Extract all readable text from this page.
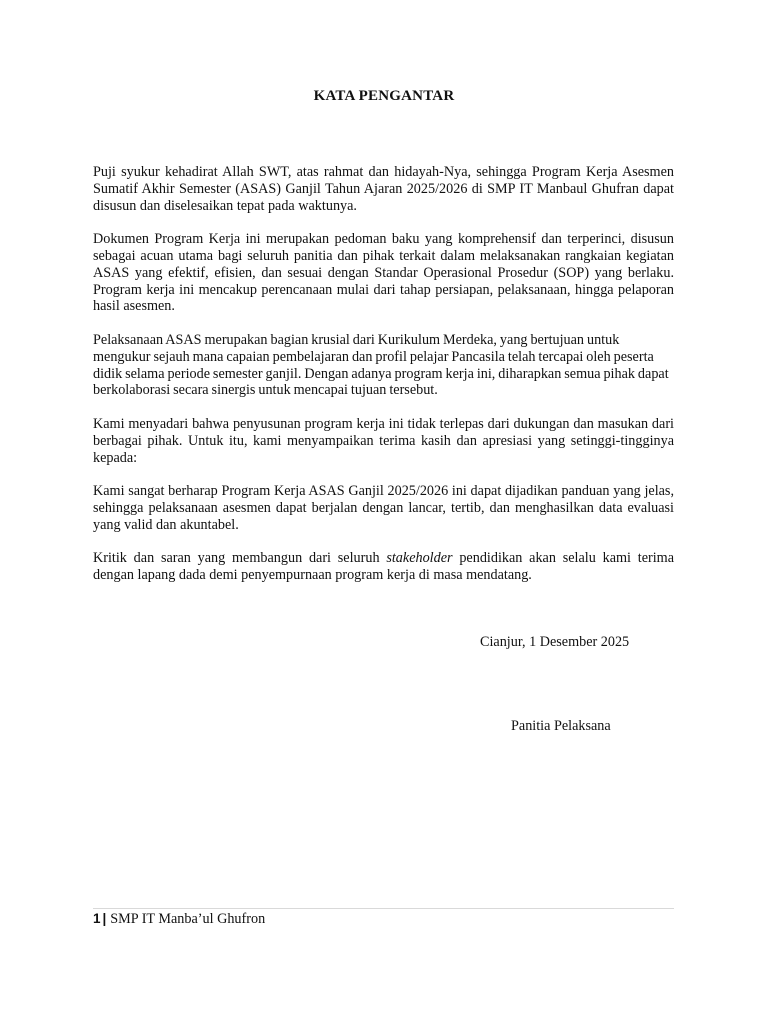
KATA PENGANTAR

Puji syukur kehadirat Allah SWT, atas rahmat dan hidayah-Nya, sehingga Program Kerja Asesmen Sumatif Akhir Semester (ASAS) Ganjil Tahun Ajaran 2025/2026 di SMP IT Manbaul Ghufran dapat disusun dan diselesaikan tepat pada waktunya.

Dokumen Program Kerja ini merupakan pedoman baku yang komprehensif dan terperinci, disusun sebagai acuan utama bagi seluruh panitia dan pihak terkait dalam melaksanakan rangkaian kegiatan ASAS yang efektif, efisien, dan sesuai dengan Standar Operasional Prosedur (SOP) yang berlaku. Program kerja ini mencakup perencanaan mulai dari tahap persiapan, pelaksanaan, hingga pelaporan hasil asesmen.

Pelaksanaan ASAS merupakan bagian krusial dari Kurikulum Merdeka, yang bertujuan untuk mengukur sejauh mana capaian pembelajaran dan profil pelajar Pancasila telah tercapai oleh peserta didik selama periode semester ganjil. Dengan adanya program kerja ini, diharapkan semua pihak dapat berkolaborasi secara sinergis untuk mencapai tujuan tersebut.

Kami menyadari bahwa penyusunan program kerja ini tidak terlepas dari dukungan dan masukan dari berbagai pihak. Untuk itu, kami menyampaikan terima kasih dan apresiasi yang setinggi-tingginya kepada:

Kami sangat berharap Program Kerja ASAS Ganjil 2025/2026 ini dapat dijadikan panduan yang jelas, sehingga pelaksanaan asesmen dapat berjalan dengan lancar, tertib, dan menghasilkan data evaluasi yang valid dan akuntabel.

Kritik dan saran yang membangun dari seluruh stakeholder pendidikan akan selalu kami terima dengan lapang dada demi penyempurnaan program kerja di masa mendatang.

Cianjur, 1 Desember 2025
Panitia Pelaksana
1 | SMP IT Manba’ul Ghufron
